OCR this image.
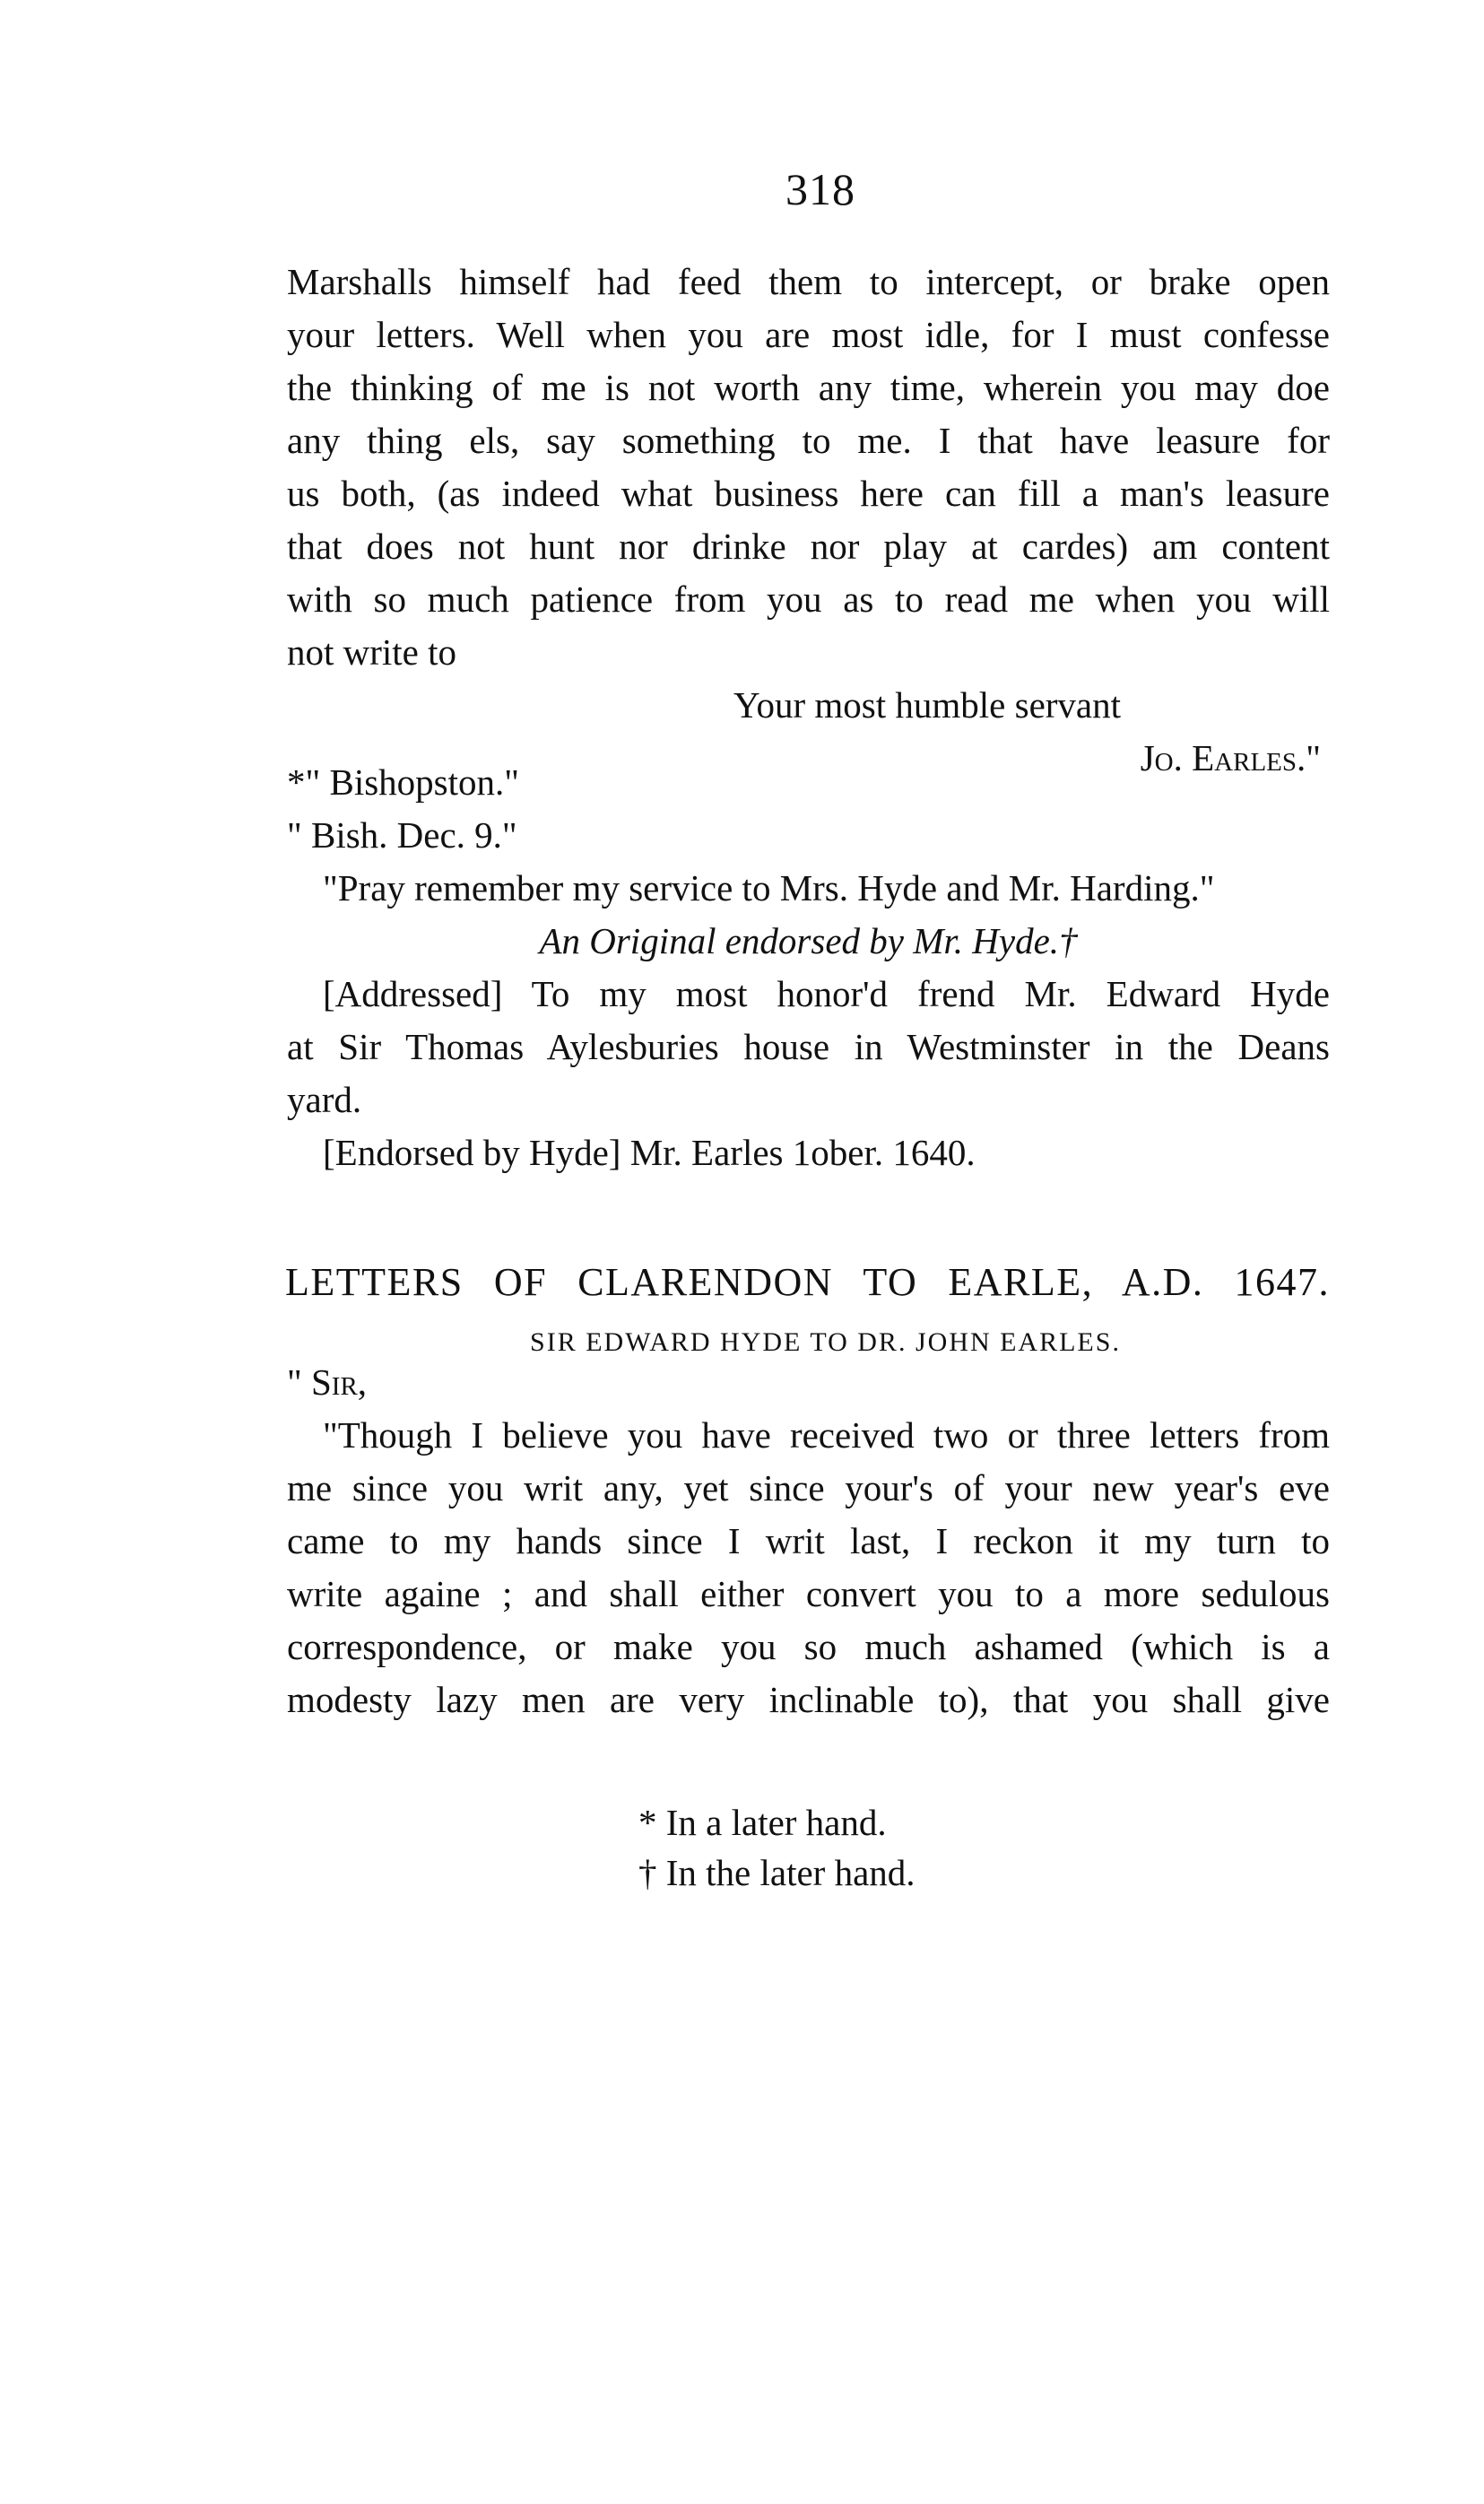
318
Marshalls himself had feed them to intercept, or brake open
your letters. Well when you are most idle, for I must confesse
the thinking of me is not worth any time, wherein you may doe
any thing els, say something to me. I that have leasure for
us both, (as indeed what business here can fill a man's leasure
that does not hunt nor drinke nor play at cardes) am content
with so much patience from you as to read me when you will
not write to
Your most humble servant
Jo. Earles."
*" Bishopston."
" Bish. Dec. 9."
"Pray remember my service to Mrs. Hyde and Mr. Harding."
An Original endorsed by Mr. Hyde.†
[Addressed] To my most honor'd frend Mr. Edward Hyde
at Sir Thomas Aylesburies house in Westminster in the Deans
yard.
[Endorsed by Hyde] Mr. Earles 1ober. 1640.
LETTERS OF CLARENDON TO EARLE, A.D. 1647.
SIR EDWARD HYDE TO DR. JOHN EARLES.
" Sir,
"Though I believe you have received two or three letters from
me since you writ any, yet since your's of your new year's eve
came to my hands since I writ last, I reckon it my turn to
write againe ; and shall either convert you to a more sedulous
correspondence, or make you so much ashamed (which is a
modesty lazy men are very inclinable to), that you shall give
* In a later hand.
† In the later hand.
